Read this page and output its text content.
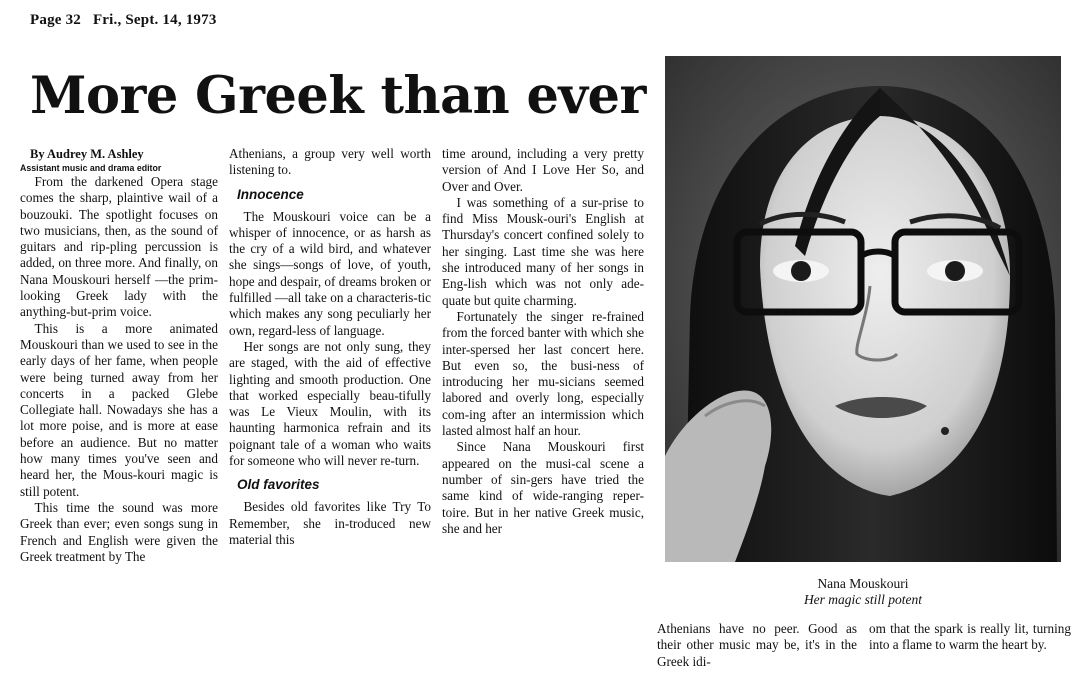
Page 32 Fri., Sept. 14, 1973
More Greek than ever
By Audrey M. Ashley
Assistant music and drama editor

From the darkened Opera stage comes the sharp, plaintive wail of a bouzouki. The spotlight focuses on two musicians, then, as the sound of guitars and rip-pling percussion is added, on three more. And finally, on Nana Mouskouri herself —the prim-looking Greek lady with the anything-but-prim voice.

This is a more animated Mouskouri than we used to see in the early days of her fame, when people were being turned away from her concerts in a packed Glebe Collegiate hall. Nowadays she has a lot more poise, and is more at ease before an audience. But no matter how many times you've seen and heard her, the Mous-kouri magic is still potent.

This time the sound was more Greek than ever; even songs sung in French and English were given the Greek treatment by The

Athenians, a group very well worth listening to.

Innocence

The Mouskouri voice can be a whisper of innocence, or as harsh as the cry of a wild bird, and whatever she sings—songs of love, of youth, hope and despair, of dreams broken or fulfilled —all take on a characteris-tic which makes any song peculiarly her own, regard-less of language.

Her songs are not only sung, they are staged, with the aid of effective lighting and smooth production. One that worked especially beau-tifully was Le Vieux Moulin, with its haunting harmonica refrain and its poignant tale of a woman who waits for someone who will never re-turn.

Old favorites

Besides old favorites like Try To Remember, she in-troduced new material this

time around, including a very pretty version of And I Love Her So, and Over and Over.

I was something of a sur-prise to find Miss Mousk-ouri's English at Thursday's concert confined solely to her singing. Last time she was here she introduced many of her songs in Eng-lish which was not only ade-quate but quite charming.

Fortunately the singer re-frained from the forced banter with which she inter-spersed her last concert here. But even so, the busi-ness of introducing her mu-sicians seemed labored and overly long, especially com-ing after an intermission which lasted almost half an hour.

Since Nana Mouskouri first appeared on the musi-cal scene a number of sin-gers have tried the same kind of wide-ranging reper-toire. But in her native Greek music, she and her

Nana Mouskouri
Her magic still potent

Athenians have no peer. Good as their other music may be, it's in the Greek idi-

om that the spark is really lit, turning into a flame to warm the heart by.
